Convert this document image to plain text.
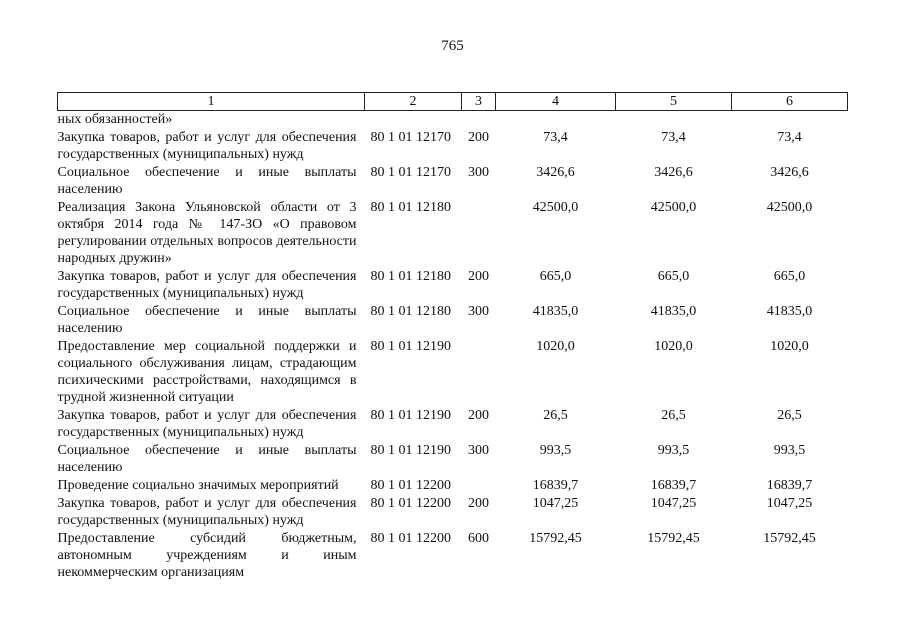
765
1	2	3	4	5	6
ных обязанностей»					
Закупка товаров, работ и услуг для обеспечения государственных (муниципальных) нужд	80 1 01 12170	200	73,4	73,4	73,4
Социальное обеспечение и иные выплаты населению	80 1 01 12170	300	3426,6	3426,6	3426,6
Реализация Закона Ульяновской области от 3 октября 2014 года № 147-ЗО «О правовом регулировании отдельных вопросов деятельности народных дружин»	80 1 01 12180		42500,0	42500,0	42500,0
Закупка товаров, работ и услуг для обеспечения государственных (муниципальных) нужд	80 1 01 12180	200	665,0	665,0	665,0
Социальное обеспечение и иные выплаты населению	80 1 01 12180	300	41835,0	41835,0	41835,0
Предоставление мер социальной поддержки и социального обслуживания лицам, страдающим психическими расстройствами, находящимся в трудной жизненной ситуации	80 1 01 12190		1020,0	1020,0	1020,0
Закупка товаров, работ и услуг для обеспечения государственных (муниципальных) нужд	80 1 01 12190	200	26,5	26,5	26,5
Социальное обеспечение и иные выплаты населению	80 1 01 12190	300	993,5	993,5	993,5
Проведение социально значимых мероприятий	80 1 01 12200		16839,7	16839,7	16839,7
Закупка товаров, работ и услуг для обеспечения государственных (муниципальных) нужд	80 1 01 12200	200	1047,25	1047,25	1047,25
Предоставление субсидий бюджетным, автономным учреждениям и иным некоммерческим организациям	80 1 01 12200	600	15792,45	15792,45	15792,45
